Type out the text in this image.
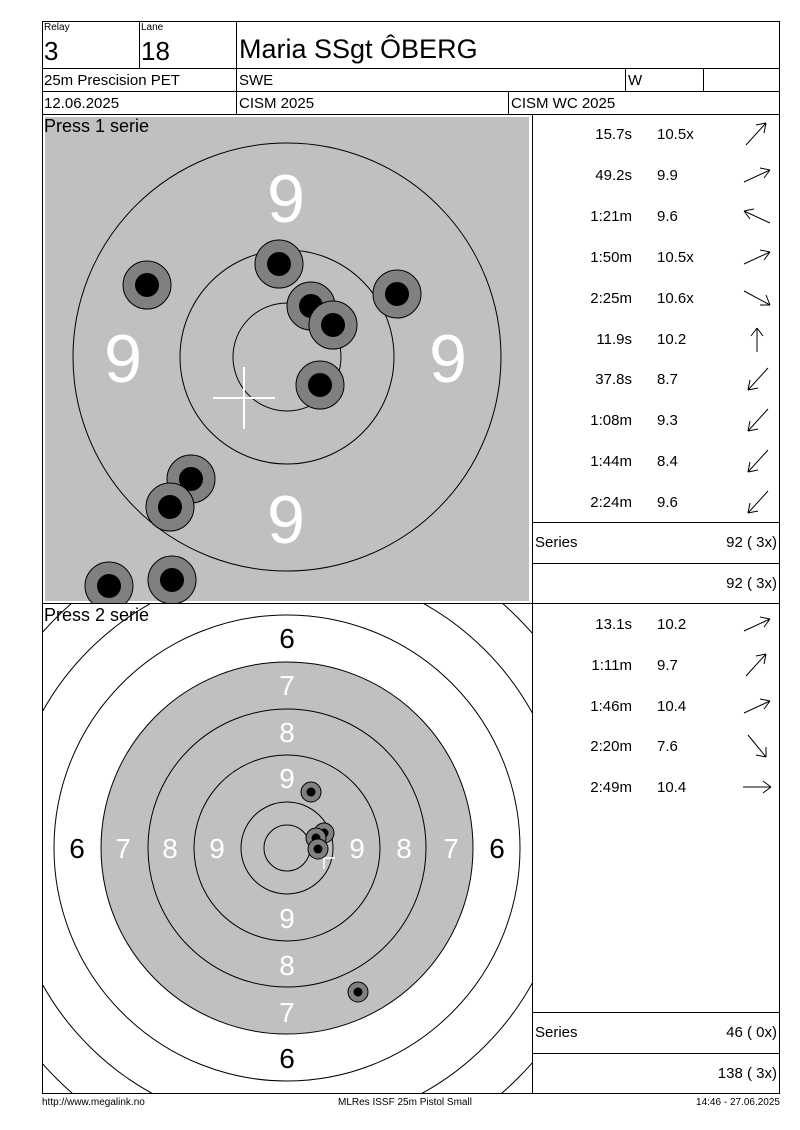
Relay
3
Lane
18	Maria SSgt ÔBERG
25m Prescision PET	SWE	W
12.06.2025	CISM 2025	CISM WC 2025
9
9	9
9
Press 1 serie	15.7s 10.5x
49.2s 9.9
1:21m 9.6
1:50m 10.5x
2:25m 10.6x
11.9s 10.2
37.8s 8.7
1:08m 9.3
1:44m 8.4
2:24m 9.6
Series	92 ( 3x)
92 ( 3x)
6
6
6	6
7
7
7	7
8
8
8	8
9
9
9	9
Press 2 serie	13.1s 10.2
1:11m 9.7
1:46m 10.4
2:20m 7.6
2:49m 10.4
Series	46 ( 0x)
138 ( 3x)
http://www.megalink.no	MLRes ISSF 25m Pistol Small	14:46 - 27.06.2025
